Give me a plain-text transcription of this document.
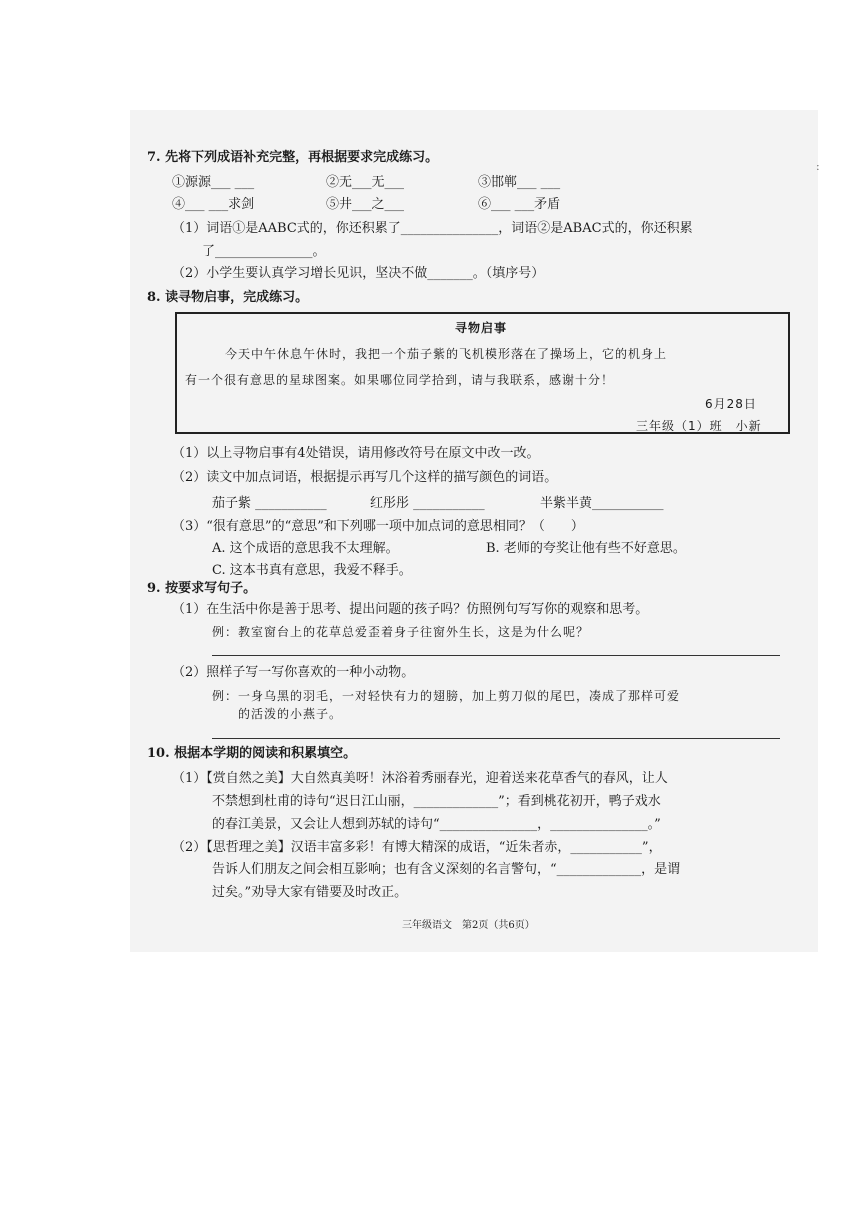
ː
7. 先将下列成语补充完整，再根据要求完成练习。
①源源___ ___	②无___无___	③邯郸___ ___
④___ ___求剑	⑤井___之___	⑥___ ___矛盾
（1）词语①是AABC式的，你还积累了_______________，词语②是ABAC式的，你还积累
了_______________。
（2）小学生要认真学习增长见识，坚决不做_______。（填序号）
8. 读寻物启事，完成练习。
寻物启事
今天中午休息午休时，我把一个茄子紫的飞机模形落在了操场上，它的机身上
有一个很有意思的星球图案。如果哪位同学拾到，请与我联系，感谢十分！
6月28日
三年级（1）班　小新
（1）以上寻物启事有4处错误，请用修改符号在原文中改一改。
（2）读文中加点词语，根据提示再写几个这样的描写颜色的词语。
茄子紫 ___________	红彤彤 ___________	半紫半黄___________
（3）“很有意思”的“意思”和下列哪一项中加点词的意思相同？（　　）
A. 这个成语的意思我不太理解。	B. 老师的夸奖让他有些不好意思。
C. 这本书真有意思，我爱不释手。
9. 按要求写句子。
（1）在生活中你是善于思考、提出问题的孩子吗？仿照例句写写你的观察和思考。
例：教室窗台上的花草总爱歪着身子往窗外生长，这是为什么呢？
（2）照样子写一写你喜欢的一种小动物。
例：一身乌黑的羽毛，一对轻快有力的翅膀，加上剪刀似的尾巴，凑成了那样可爱
的活泼的小燕子。
10. 根据本学期的阅读和积累填空。
（1）【赏自然之美】大自然真美呀！沐浴着秀丽春光，迎着送来花草香气的春风，让人
不禁想到杜甫的诗句“迟日江山丽，_____________”；看到桃花初开，鸭子戏水
的春江美景，又会让人想到苏轼的诗句“_______________，_______________。”
（2）【思哲理之美】汉语丰富多彩！有博大精深的成语，“近朱者赤，___________”，
告诉人们朋友之间会相互影响；也有含义深刻的名言警句，“_____________，是谓
过矣。”劝导大家有错要及时改正。
三年级语文　第2页（共6页）
